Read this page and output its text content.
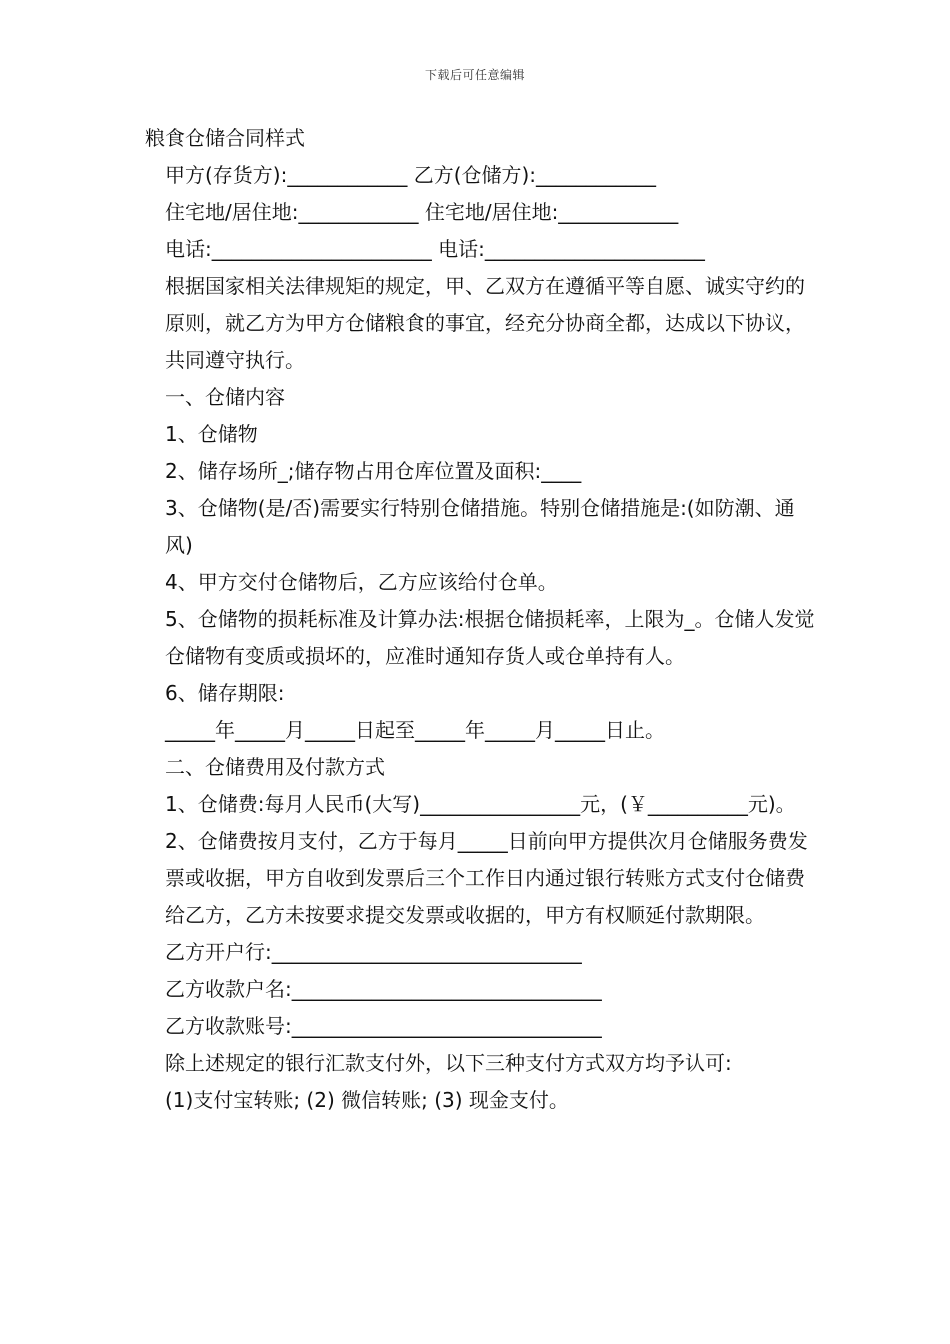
下载后可任意编辑

粮食仓储合同样式

甲方(存货方):____________ 乙方(仓储方):____________

住宅地/居住地:____________ 住宅地/居住地:____________

电话:______________________ 电话:______________________

根据国家相关法律规矩的规定，甲、乙双方在遵循平等自愿、诚实守约的原则，就乙方为甲方仓储粮食的事宜，经充分协商全都，达成以下协议，共同遵守执行。

一、仓储内容

1、仓储物

2、储存场所_;储存物占用仓库位置及面积:____

3、仓储物(是/否)需要实行特别仓储措施。特别仓储措施是:(如防潮、通风)

4、甲方交付仓储物后，乙方应该给付仓单。

5、仓储物的损耗标准及计算办法:根据仓储损耗率，上限为_。仓储人发觉仓储物有变质或损坏的，应准时通知存货人或仓单持有人。

6、储存期限:

_____年_____月_____日起至_____年_____月_____日止。

二、仓储费用及付款方式

1、仓储费:每月人民币(大写)________________元，(￥__________元)。

2、仓储费按月支付，乙方于每月_____日前向甲方提供次月仓储服务费发票或收据，甲方自收到发票后三个工作日内通过银行转账方式支付仓储费给乙方，乙方未按要求提交发票或收据的，甲方有权顺延付款期限。

乙方开户行:_______________________________

乙方收款户名:_______________________________

乙方收款账号:_______________________________

除上述规定的银行汇款支付外，以下三种支付方式双方均予认可:

(1)支付宝转账; (2) 微信转账; (3) 现金支付。
